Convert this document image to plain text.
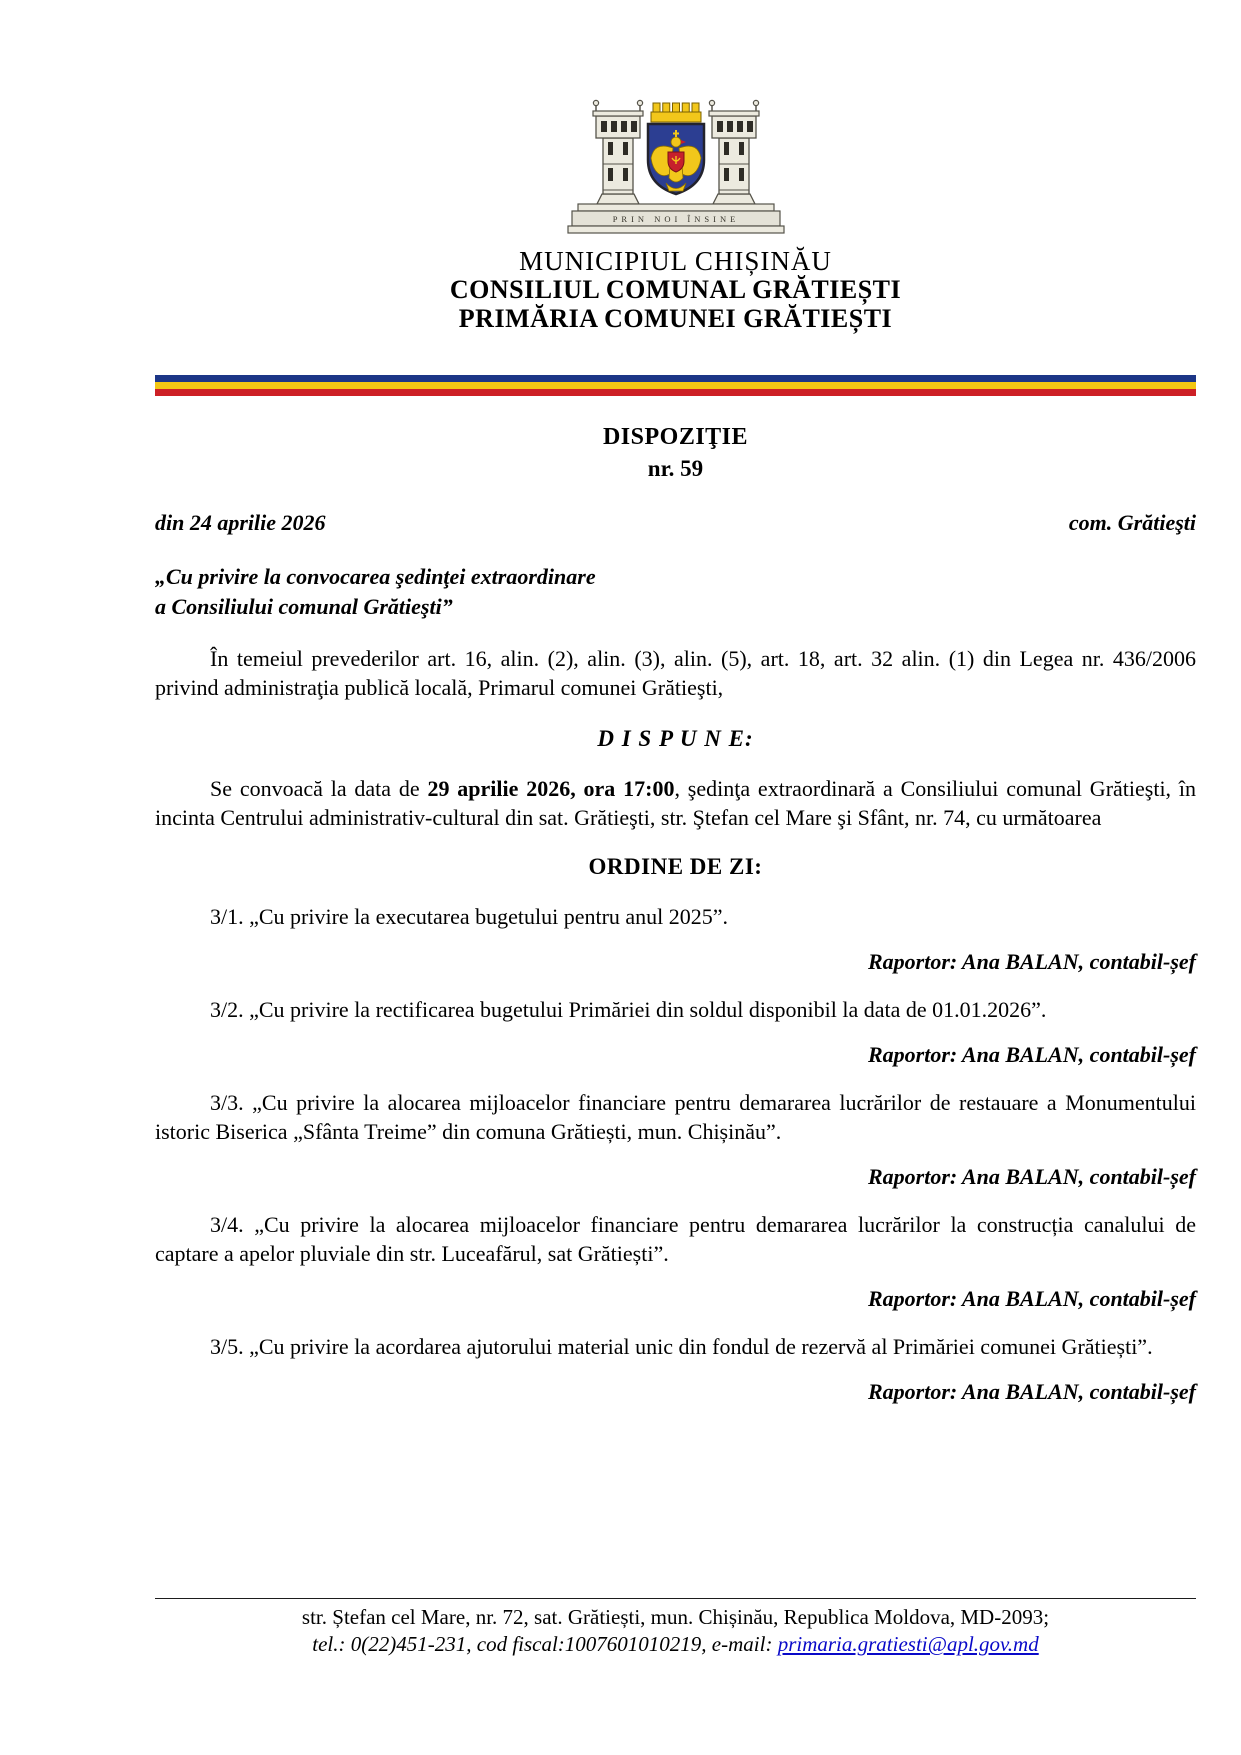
PRIN NOI ÎNSINE
MUNICIPIUL CHIȘINĂU
CONSILIUL COMUNAL GRĂTIEȘTI
PRIMĂRIA COMUNEI GRĂTIEȘTI
DISPOZIŢIE
nr. 59
din 24 aprilie 2026	com. Grătieşti
„Cu privire la convocarea şedinţei extraordinare
a Consiliului comunal Grătieşti”

În temeiul prevederilor art. 16, alin. (2), alin. (3), alin. (5), art. 18, art. 32 alin. (1) din Legea nr. 436/2006 privind administraţia publică locală, Primarul comunei Grătieşti,

D I S P U N E:

Se convoacă la data de 29 aprilie 2026, ora 17:00, şedinţa extraordinară a Consiliului comunal Grătieşti, în incinta Centrului administrativ-cultural din sat. Grătieşti, str. Ştefan cel Mare şi Sfânt, nr. 74, cu următoarea

ORDINE DE ZI:

3/1. „Cu privire la executarea bugetului pentru anul 2025”.

Raportor: Ana BALAN, contabil-șef

3/2. „Cu privire la rectificarea bugetului Primăriei din soldul disponibil la data de 01.01.2026”.

Raportor: Ana BALAN, contabil-șef

3/3. „Cu privire la alocarea mijloacelor financiare pentru demararea lucrărilor de restauare a Monumentului istoric Biserica „Sfânta Treime” din comuna Grătiești, mun. Chișinău”.

Raportor: Ana BALAN, contabil-șef

3/4. „Cu privire la alocarea mijloacelor financiare pentru demararea lucrărilor la construcția canalului de captare a apelor pluviale din str. Luceafărul, sat Grătiești”.

Raportor: Ana BALAN, contabil-șef

3/5. „Cu privire la acordarea ajutorului material unic din fondul de rezervă al Primăriei comunei Grătiești”.

Raportor: Ana BALAN, contabil-șef

str. Ștefan cel Mare, nr. 72, sat. Grătiești, mun. Chișinău, Republica Moldova, MD-2093;
tel.: 0(22)451-231, cod fiscal:1007601010219, e-mail: primaria.gratiesti@apl.gov.md
